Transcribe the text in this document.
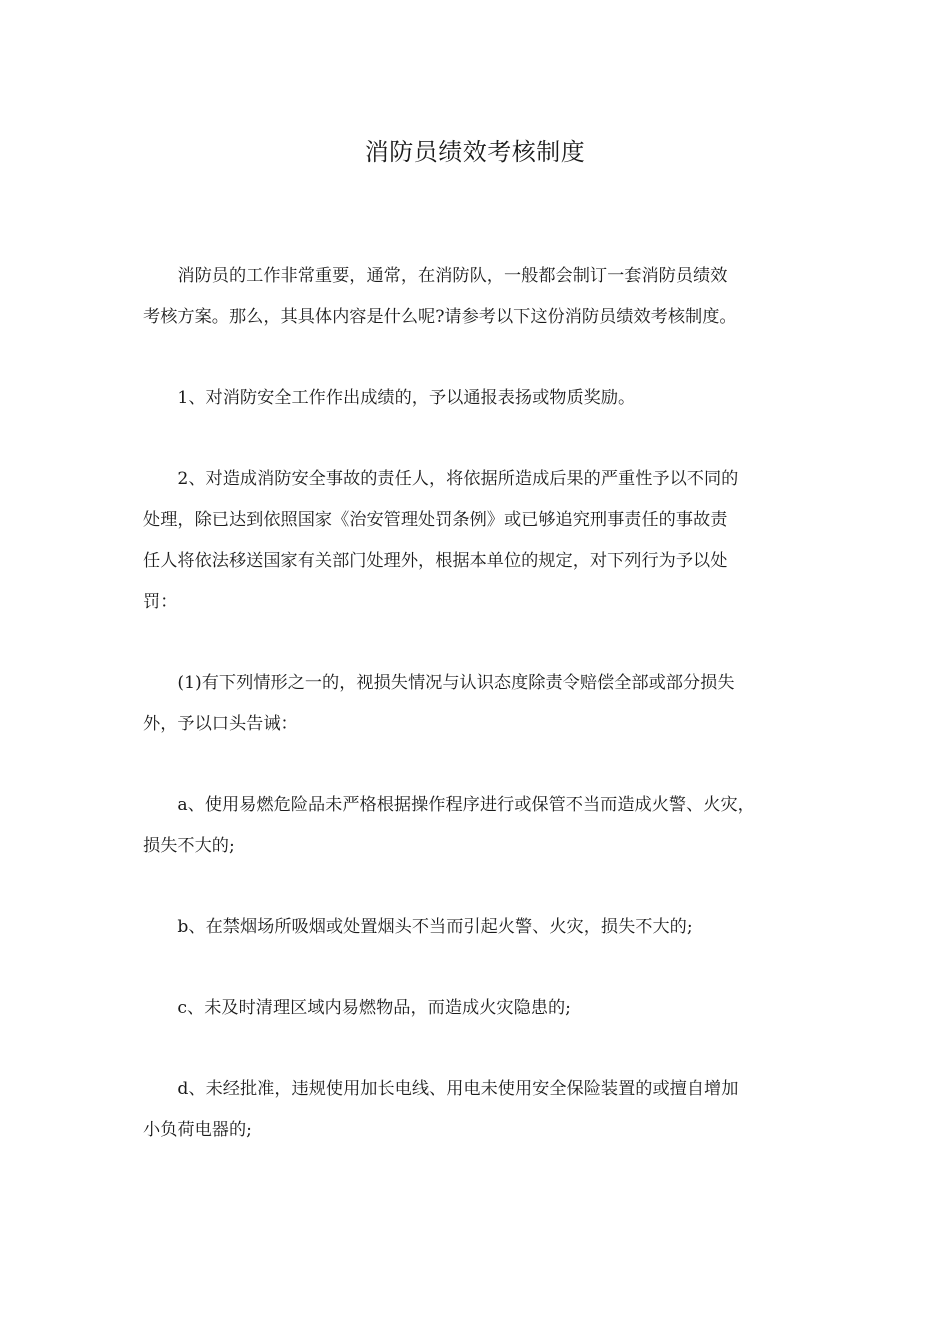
消防员绩效考核制度
消防员的工作非常重要，通常，在消防队，一般都会制订一套消防员绩效
考核方案。那么，其具体内容是什么呢?请参考以下这份消防员绩效考核制度。
1、对消防安全工作作出成绩的，予以通报表扬或物质奖励。
2、对造成消防安全事故的责任人，将依据所造成后果的严重性予以不同的
处理，除已达到依照国家《治安管理处罚条例》或已够追究刑事责任的事故责
任人将依法移送国家有关部门处理外，根据本单位的规定，对下列行为予以处
罚：
(1)有下列情形之一的，视损失情况与认识态度除责令赔偿全部或部分损失
外，予以口头告诫：
a、使用易燃危险品未严格根据操作程序进行或保管不当而造成火警、火灾，
损失不大的;
b、在禁烟场所吸烟或处置烟头不当而引起火警、火灾，损失不大的;
c、未及时清理区域内易燃物品，而造成火灾隐患的;
d、未经批准，违规使用加长电线、用电未使用安全保险装置的或擅自增加
小负荷电器的;
